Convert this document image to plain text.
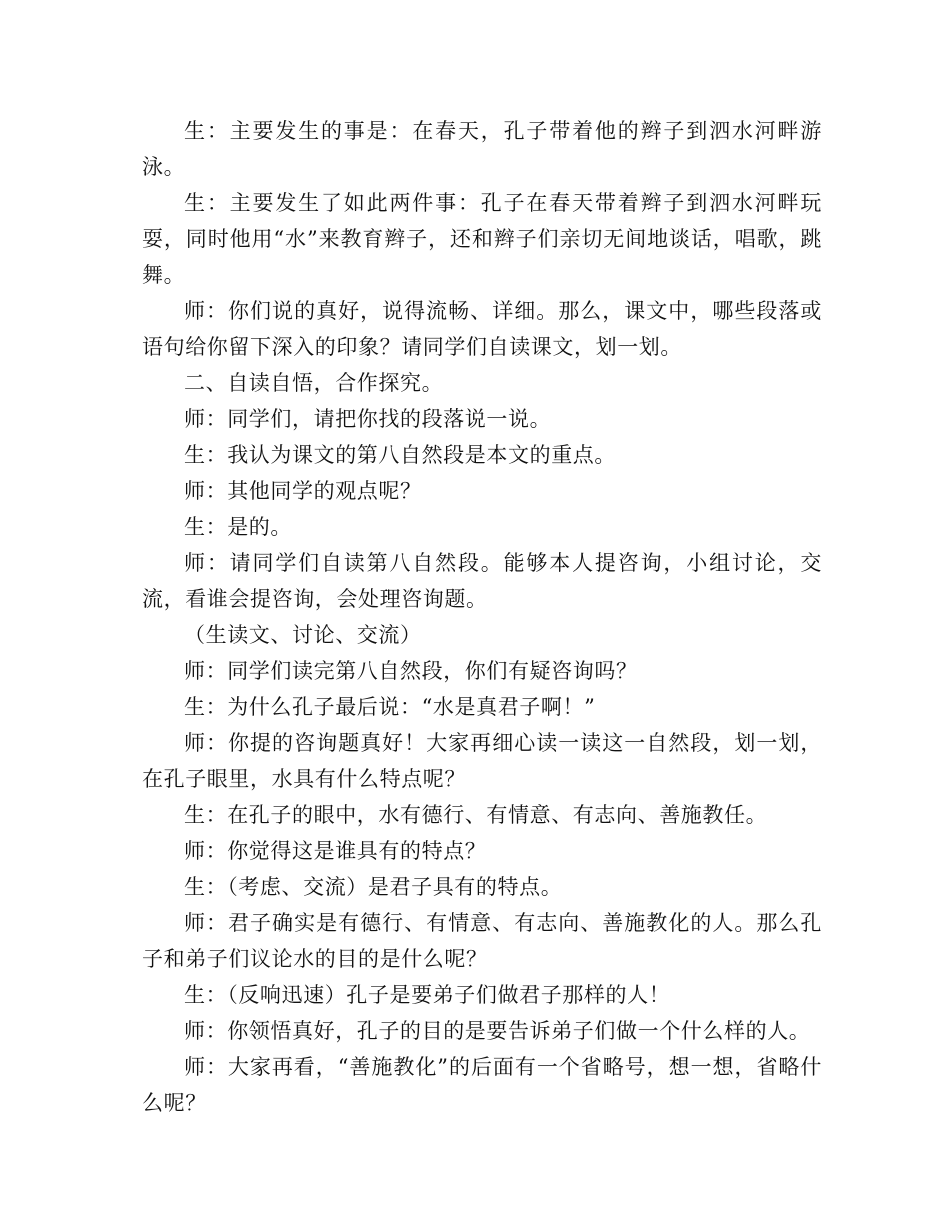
生：主要发生的事是：在春天，孔子带着他的辫子到泗水河畔游泳。

生：主要发生了如此两件事：孔子在春天带着辫子到泗水河畔玩耍，同时他用“水”来教育辫子，还和辫子们亲切无间地谈话，唱歌，跳舞。

师：你们说的真好，说得流畅、详细。那么，课文中，哪些段落或语句给你留下深入的印象？请同学们自读课文，划一划。

二、自读自悟，合作探究。

师：同学们，请把你找的段落说一说。

生：我认为课文的第八自然段是本文的重点。

师：其他同学的观点呢？

生：是的。

师：请同学们自读第八自然段。能够本人提咨询，小组讨论，交流，看谁会提咨询，会处理咨询题。

（生读文、讨论、交流）

师：同学们读完第八自然段，你们有疑咨询吗？

生：为什么孔子最后说：“水是真君子啊！”

师：你提的咨询题真好！大家再细心读一读这一自然段，划一划，在孔子眼里，水具有什么特点呢？

生：在孔子的眼中，水有德行、有情意、有志向、善施教任。

师：你觉得这是谁具有的特点？

生：（考虑、交流）是君子具有的特点。

师：君子确实是有德行、有情意、有志向、善施教化的人。那么孔子和弟子们议论水的目的是什么呢？

生：（反响迅速）孔子是要弟子们做君子那样的人！

师：你领悟真好，孔子的目的是要告诉弟子们做一个什么样的人。

师：大家再看，“善施教化”的后面有一个省略号，想一想，省略什么呢？
